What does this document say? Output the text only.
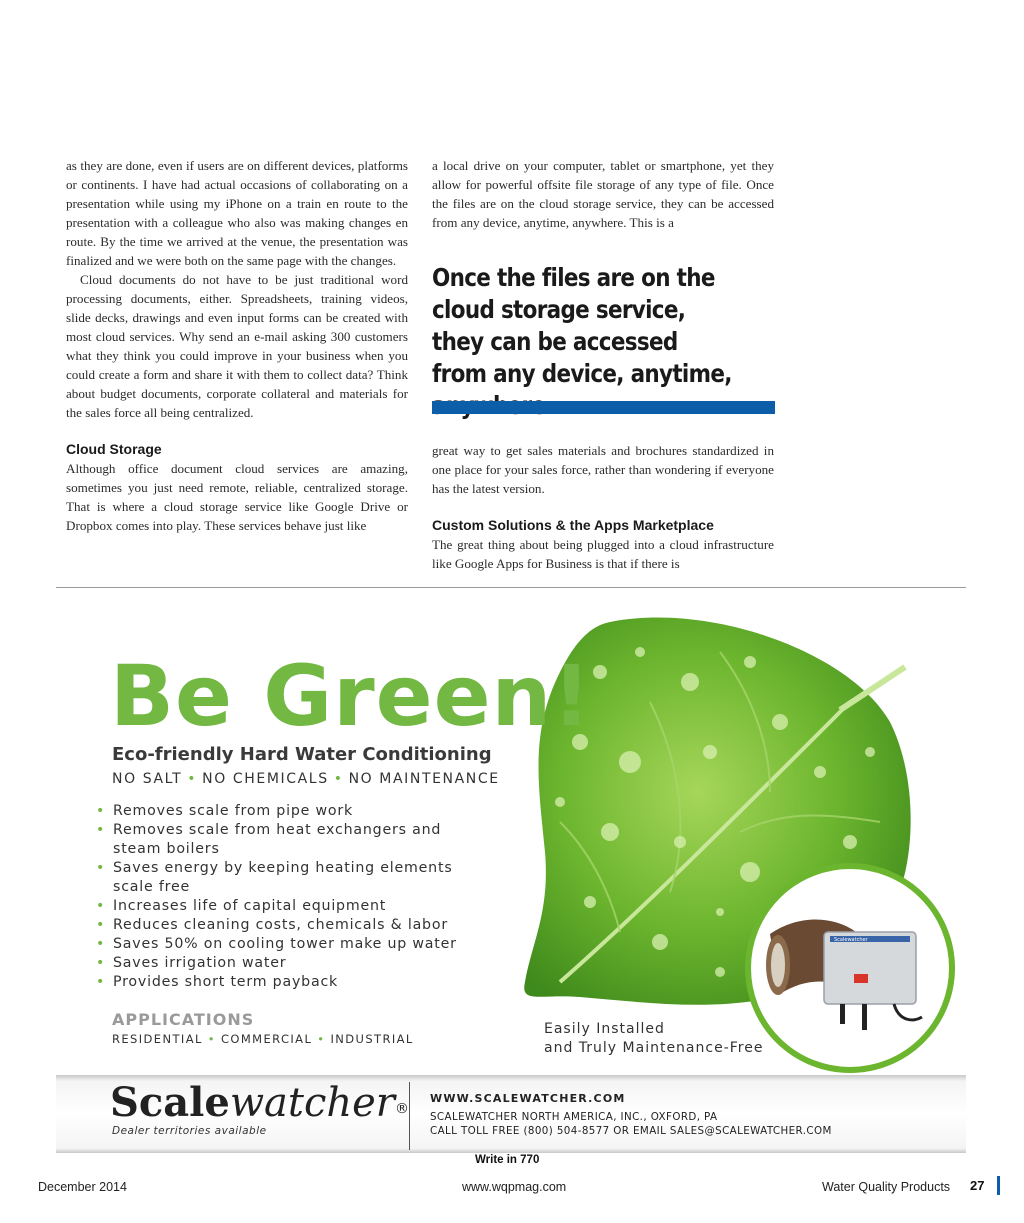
as they are done, even if users are on different devices, platforms or continents. I have had actual occasions of collaborating on a presentation while using my iPhone on a train en route to the presentation with a colleague who also was making changes en route. By the time we arrived at the venue, the presentation was finalized and we were both on the same page with the changes.

Cloud documents do not have to be just traditional word processing documents, either. Spreadsheets, training videos, slide decks, drawings and even input forms can be created with most cloud services. Why send an e-mail asking 300 customers what they think you could improve in your business when you could create a form and share it with them to collect data? Think about budget documents, corporate collateral and materials for the sales force all being centralized.

Cloud Storage

Although office document cloud services are amazing, sometimes you just need remote, reliable, centralized storage. That is where a cloud storage service like Google Drive or Dropbox comes into play. These services behave just like

a local drive on your computer, tablet or smartphone, yet they allow for powerful offsite file storage of any type of file. Once the files are on the cloud storage service, they can be accessed from any device, anytime, anywhere. This is a

Once the files are on the cloud storage service, they can be accessed from any device, anytime,

great way to get sales materials and brochures standardized in one place for your sales force, rather than wondering if everyone has the latest version.

Custom Solutions & the Apps Marketplace

The great thing about being plugged into a cloud infrastructure like Google Apps for Business is that if there is

Be Green!
Eco-friendly Hard Water Conditioning
NO SALT • NO CHEMICALS • NO MAINTENANCE
• Removes scale from pipe work
• Removes scale from heat exchangers and steam boilers
• Saves energy by keeping heating elements scale free
• Increases life of capital equipment
• Reduces cleaning costs, chemicals & labor
• Saves 50% on cooling tower make up water
• Saves irrigation water
• Provides short term payback
APPLICATIONS
RESIDENTIAL • COMMERCIAL • INDUSTRIAL
Easily Installed
and Truly Maintenance-Free
Scalewatcher
Scalewatcher®
Dealer territories available
WWW.SCALEWATCHER.COM
SCALEWATCHER NORTH AMERICA, INC., OXFORD, PA
CALL TOLL FREE (800) 504-8577 OR EMAIL SALES@SCALEWATCHER.COM
Write in 770
December 2014	www.wqpmag.com	Water Quality Products 27
